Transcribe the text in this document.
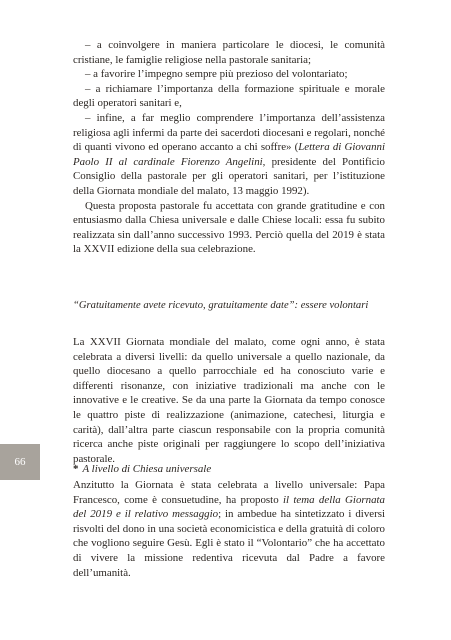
– a coinvolgere in maniera particolare le diocesi, le comunità cristiane, le famiglie religiose nella pastorale sanitaria;

– a favorire l’impegno sempre più prezioso del volontariato;

– a richiamare l’importanza della formazione spirituale e morale degli operatori sanitari e,

– infine, a far meglio comprendere l’importanza dell’assistenza religiosa agli infermi da parte dei sacerdoti diocesani e regolari, nonché di quanti vivono ed operano accanto a chi soffre» (Lettera di Giovanni Paolo II al cardinale Fiorenzo Angelini, presidente del Pontificio Consiglio della pastorale per gli operatori sanitari, per l’istituzione della Giornata mondiale del malato, 13 maggio 1992).

Questa proposta pastorale fu accettata con grande gratitudine e con entusiasmo dalla Chiesa universale e dalle Chiese locali: essa fu subito realizzata sin dall’anno successivo 1993. Perciò quella del 2019 è stata la XXVII edizione della sua celebrazione.

“Gratuitamente avete ricevuto, gratuitamente date”: essere volontari

La XXVII Giornata mondiale del malato, come ogni anno, è stata celebrata a diversi livelli: da quello universale a quello nazionale, da quello diocesano a quello parrocchiale ed ha conosciuto varie e differenti risonanze, con iniziative tradizionali ma anche con le innovative e le creative. Se da una parte la Giornata da tempo conosce le quattro piste di realizzazione (animazione, catechesi, liturgia e carità), dall’altra parte ciascun responsabile con la propria comunità ricerca anche piste originali per raggiungere lo scopo dell’iniziativa pastorale.

* A livello di Chiesa universale

Anzitutto la Giornata è stata celebrata a livello universale: Papa Francesco, come è consuetudine, ha proposto il tema della Giornata del 2019 e il relativo messaggio; in ambedue ha sintetizzato i diversi risvolti del dono in una società economicistica e della gratuità di coloro che vogliono seguire Gesù. Egli è stato il “Volontario” che ha accettato di vivere la missione redentiva ricevuta dal Padre a favore dell’umanità.

66
